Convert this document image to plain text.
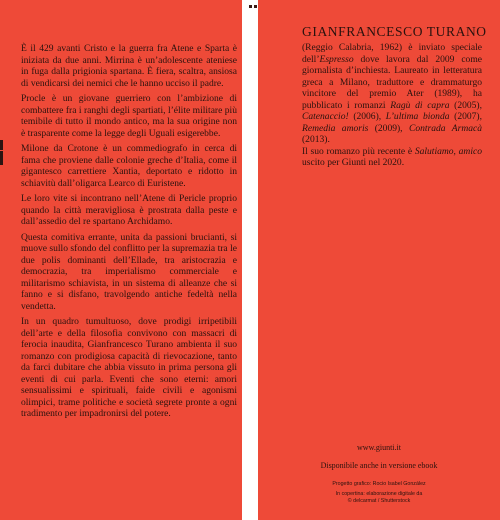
È il 429 avanti Cristo e la guerra fra Atene e Sparta è iniziata da due anni. Mirrina è un’adolescente ateniese in fuga dalla prigionia spartana. È fiera, scaltra, ansiosa di vendicarsi dei nemici che le hanno ucciso il padre.

Procle è un giovane guerriero con l’ambizione di combattere fra i ranghi degli spartiati, l’élite militare più temibile di tutto il mondo antico, ma la sua origine non è trasparente come la legge degli Uguali esigerebbe.

Milone da Crotone è un commediografo in cerca di fama che proviene dalle colonie greche d’Italia, come il gigantesco carrettiere Xantia, deportato e ridotto in schiavitù dall’oligarca Learco di Euristene.

Le loro vite si incontrano nell’Atene di Pericle proprio quando la città meravigliosa è prostrata dalla peste e dall’assedio del re spartano Archidamo.

Questa comitiva errante, unita da passioni brucianti, si muove sullo sfondo del conflitto per la supremazia tra le due polis dominanti dell’Ellade, tra aristocrazia e democrazia, tra imperialismo commerciale e militarismo schiavista, in un sistema di alleanze che si fanno e si disfano, travolgendo antiche fedeltà nella vendetta.

In un quadro tumultuoso, dove prodigi irripetibili dell’arte e della filosofia convivono con massacri di ferocia inaudita, Gianfrancesco Turano ambienta il suo romanzo con prodigiosa capacità di rievocazione, tanto da farci dubitare che abbia vissuto in prima persona gli eventi di cui parla. Eventi che sono eterni: amori sensualissimi e spirituali, faide civili e agonismi olimpici, trame politiche e società segrete pronte a ogni tradimento per impadronirsi del potere.

GIANFRANCESCO TURANO

(Reggio Calabria, 1962) è inviato speciale dell’Espresso dove lavora dal 2009 come giornalista d’inchiesta. Laureato in letteratura greca a Milano, traduttore e drammaturgo vincitore del premio Ater (1989), ha pubblicato i romanzi Ragù di capra (2005), Catenaccio! (2006), L’ultima bionda (2007), Remedia amoris (2009), Contrada Armacà (2013).

Il suo romanzo più recente è Salutiamo, amico uscito per Giunti nel 2020.

www.giunti.it
Disponibile anche in versione ebook
Progetto grafico: Rocio Isabel González
In copertina: elaborazione digitale da
© delcarmat / Shutterstock
